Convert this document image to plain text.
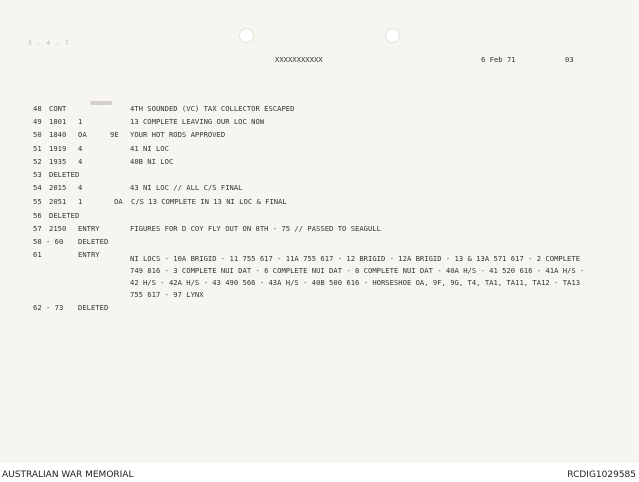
3 - 4 - 7
XXXXXXXXXXX	6 Feb 71	03
48 CONT	4TH SOUNDED (VC) TAX COLLECTOR ESCAPED
49 1801 1	13 COMPLETE LEAVING OUR LOC NOW
50 1840 OA	9E YOUR HOT RODS APPROVED
51 1919 4	41 NI LOC
52 1935 4	40B NI LOC
53 DELETED
54 2015 4	43 NI LOC // ALL C/S FINAL
55 2051 1	OA C/S 13 COMPLETE IN 13 NI LOC & FINAL
56 DELETED
57 2150 ENTRY	FIGURES FOR D COY FLY OUT ON 8TH - 75 // PASSED TO SEAGULL
58 - 60 DELETED
61	ENTRY	NI LOCS - 10A BRIGID - 11 755 617 - 11A 755 617 - 12 BRIGID - 12A BRIGID - 13 & 13A 571 617 - 2 COMPLETE
749 816 - 3 COMPLETE NUI DAT - 6 COMPLETE NUI DAT - 8 COMPLETE NUI DAT - 40A H/S - 41 520 616 - 41A H/S -
42 H/S - 42A H/S - 43 490 566 - 43A H/S - 40B 500 616 - HORSESHOE OA, 9F, 9G, T4, TA1, TA11, TA12 - TA13
755 617 - 97 LYNX
62 - 73 DELETED
AUSTRALIAN WAR MEMORIAL	RCDIG1029585
